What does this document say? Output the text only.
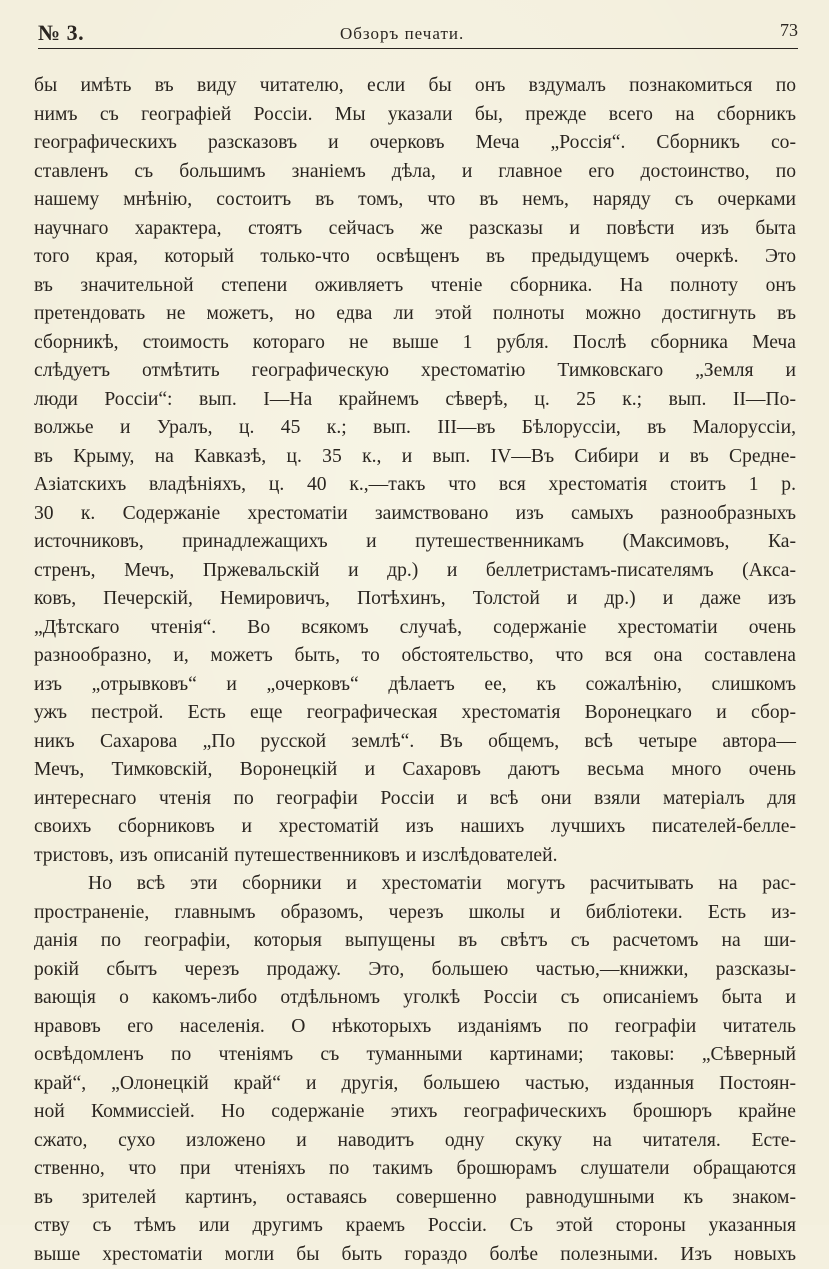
№ 3.	Обзоръ печати.	73
бы имѣть въ виду читателю, если бы онъ вздумалъ познакомиться по
нимъ съ географіей Россіи. Мы указали бы, прежде всего на сборникъ
географическихъ разсказовъ и очерковъ Меча „Россія“. Сборникъ со-
ставленъ съ большимъ знаніемъ дѣла, и главное его достоинство, по
нашему мнѣнію, состоитъ въ томъ, что въ немъ, наряду съ очерками
научнаго характера, стоятъ сейчасъ же разсказы и повѣсти изъ быта
того края, который только-что освѣщенъ въ предыдущемъ очеркѣ. Это
въ значительной степени оживляетъ чтеніе сборника. На полноту онъ
претендовать не можетъ, но едва ли этой полноты можно достигнуть въ
сборникѣ, стоимость котораго не выше 1 рубля. Послѣ сборника Меча
слѣдуетъ отмѣтить географическую хрестоматію Тимковскаго „Земля и
люди Россіи“: вып. I—На крайнемъ сѣверѣ, ц. 25 к.; вып. II—По-
волжье и Уралъ, ц. 45 к.; вып. III—въ Бѣлоруссіи, въ Малоруссіи,
въ Крыму, на Кавказѣ, ц. 35 к., и вып. IV—Въ Сибири и въ Средне-
Азіатскихъ владѣніяхъ, ц. 40 к.,—такъ что вся хрестоматія стоитъ 1 р.
30 к. Содержаніе хрестоматіи заимствовано изъ самыхъ разнообразныхъ
источниковъ, принадлежащихъ и путешественникамъ (Максимовъ, Ка-
стренъ, Мечъ, Пржевальскій и др.) и беллетристамъ-писателямъ (Акса-
ковъ, Печерскій, Немировичъ, Потѣхинъ, Толстой и др.) и даже изъ
„Дѣтскаго чтенія“. Во всякомъ случаѣ, содержаніе хрестоматіи очень
разнообразно, и, можетъ быть, то обстоятельство, что вся она составлена
изъ „отрывковъ“ и „очерковъ“ дѣлаетъ ее, къ сожалѣнію, слишкомъ
ужъ пестрой. Есть еще географическая хрестоматія Воронецкаго и сбор-
никъ Сахарова „По русской землѣ“. Въ общемъ, всѣ четыре автора—
Мечъ, Тимковскій, Воронецкій и Сахаровъ даютъ весьма много очень
интереснаго чтенія по географіи Россіи и всѣ они взяли матеріалъ для
своихъ сборниковъ и хрестоматій изъ нашихъ лучшихъ писателей-белле-
тристовъ, изъ описаній путешественниковъ и изслѣдователей.
Но всѣ эти сборники и хрестоматіи могутъ расчитывать на рас-
пространеніе, главнымъ образомъ, черезъ школы и библіотеки. Есть из-
данія по географіи, которыя выпущены въ свѣтъ съ расчетомъ на ши-
рокій сбытъ черезъ продажу. Это, большею частью,—книжки, разсказы-
вающія о какомъ-либо отдѣльномъ уголкѣ Россіи съ описаніемъ быта и
нравовъ его населенія. О нѣкоторыхъ изданіямъ по географіи читатель
освѣдомленъ по чтеніямъ съ туманными картинами; таковы: „Сѣверный
край“, „Олонецкій край“ и другія, большею частью, изданныя Постоян-
ной Коммиссіей. Но содержаніе этихъ географическихъ брошюръ крайне
сжато, сухо изложено и наводитъ одну скуку на читателя. Есте-
ственно, что при чтеніяхъ по такимъ брошюрамъ слушатели обращаются
въ зрителей картинъ, оставаясь совершенно равнодушными къ знаком-
ству съ тѣмъ или другимъ краемъ Россіи. Съ этой стороны указанныя
выше хрестоматіи могли бы быть гораздо болѣе полезными. Изъ новыхъ
